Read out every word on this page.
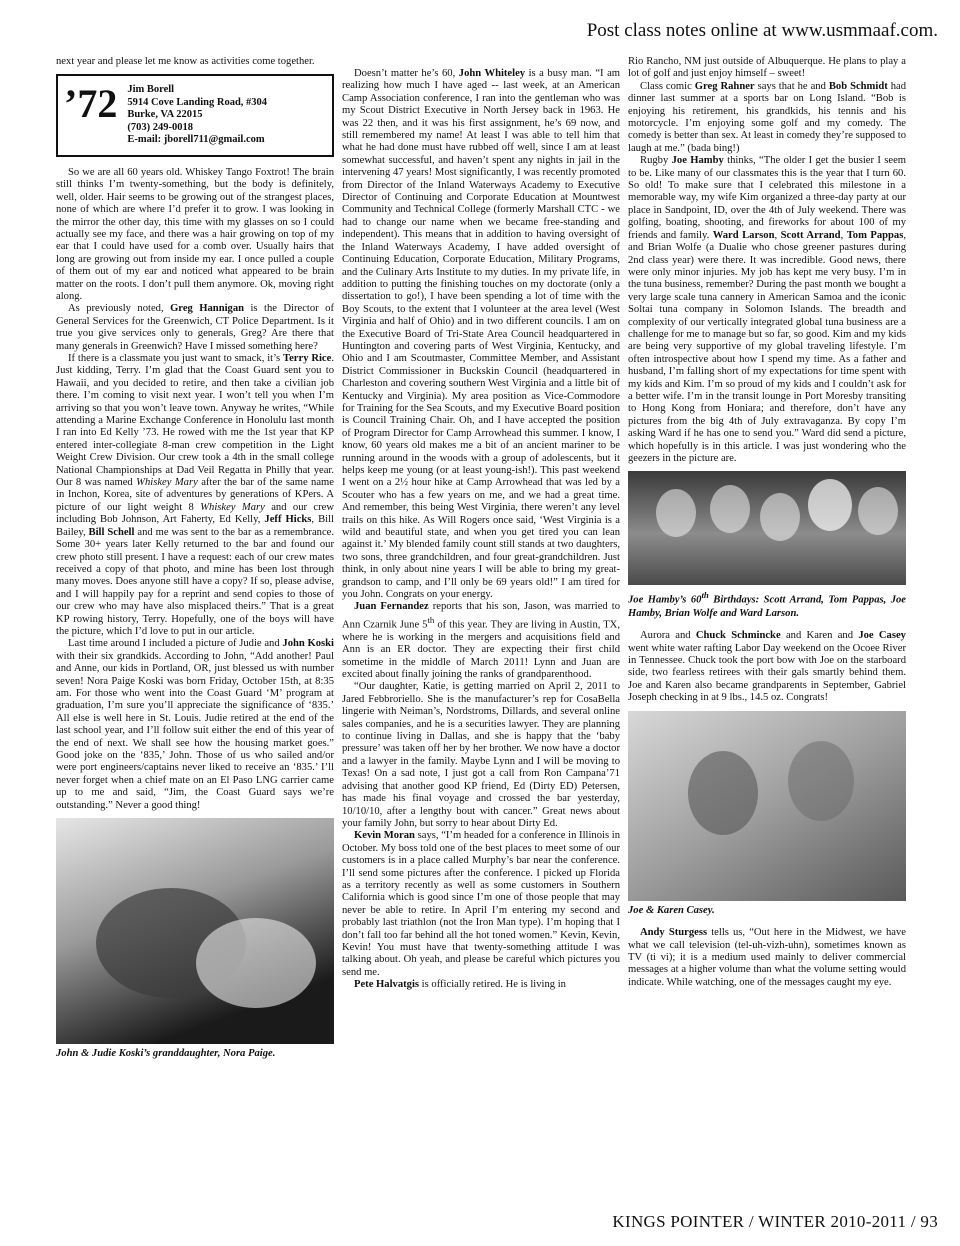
Post class notes online at www.usmmaaf.com.

next year and please let me know as activities come together.

’72 Jim Borell
5914 Cove Landing Road, #304
Burke, VA 22015
(703) 249-0018
E-mail: jborell711@gmail.com

So we are all 60 years old. Whiskey Tango Foxtrot! The brain still thinks I’m twenty-something, but the body is definitely, well, older. Hair seems to be growing out of the strangest places, none of which are where I’d prefer it to grow. I was looking in the mirror the other day, this time with my glasses on so I could actually see my face, and there was a hair growing on top of my ear that I could have used for a comb over. Usually hairs that long are growing out from inside my ear. I once pulled a couple of them out of my ear and noticed what appeared to be brain matter on the roots. I don’t pull them anymore. Ok, moving right along.

As previously noted, Greg Hannigan is the Director of General Services for the Greenwich, CT Police Department. Is it true you give services only to generals, Greg? Are there that many generals in Greenwich? Have I missed something here?

If there is a classmate you just want to smack, it’s Terry Rice. Just kidding, Terry. I’m glad that the Coast Guard sent you to Hawaii, and you decided to retire, and then take a civilian job there. I’m coming to visit next year. I won’t tell you when I’m arriving so that you won’t leave town. Anyway he writes, “While attending a Marine Exchange Conference in Honolulu last month I ran into Ed Kelly ’73. He rowed with me the 1st year that KP entered inter-collegiate 8-man crew competition in the Light Weight Crew Division. Our crew took a 4th in the small college National Championships at Dad Veil Regatta in Philly that year. Our 8 was named Whiskey Mary after the bar of the same name in Inchon, Korea, site of adventures by generations of KPers. A picture of our light weight 8 Whiskey Mary and our crew including Bob Johnson, Art Faherty, Ed Kelly, Jeff Hicks, Bill Bailey, Bill Schell and me was sent to the bar as a remembrance. Some 30+ years later Kelly returned to the bar and found our crew photo still present. I have a request: each of our crew mates received a copy of that photo, and mine has been lost through many moves. Does anyone still have a copy? If so, please advise, and I will happily pay for a reprint and send copies to those of our crew who may have also misplaced theirs.” That is a great KP rowing history, Terry. Hopefully, one of the boys will have the picture, which I’d love to put in our article.

Last time around I included a picture of Judie and John Koski with their six grandkids. According to John, “Add another! Paul and Anne, our kids in Portland, OR, just blessed us with number seven! Nora Paige Koski was born Friday, October 15th, at 8:35 am. For those who went into the Coast Guard ‘M’ program at graduation, I’m sure you’ll appreciate the significance of ‘835.’ All else is well here in St. Louis. Judie retired at the end of the last school year, and I’ll follow suit either the end of this year of the end of next. We shall see how the housing market goes.” Good joke on the ‘835,’ John. Those of us who sailed and/or were port engineers/captains never liked to receive an ‘835.’ I’ll never forget when a chief mate on an El Paso LNG carrier came up to me and said, “Jim, the Coast Guard says we’re outstanding.” Never a good thing!

John & Judie Koski’s granddaughter, Nora Paige.

Doesn’t matter he’s 60, John Whiteley is a busy man. “I am realizing how much I have aged -- last week, at an American Camp Association conference, I ran into the gentleman who was my Scout District Executive in North Jersey back in 1963. He was 22 then, and it was his first assignment, he’s 69 now, and still remembered my name! At least I was able to tell him that what he had done must have rubbed off well, since I am at least somewhat successful, and haven’t spent any nights in jail in the intervening 47 years! Most significantly, I was recently promoted from Director of the Inland Waterways Academy to Executive Director of Continuing and Corporate Education at Mountwest Community and Technical College (formerly Marshall CTC - we had to change our name when we became free-standing and independent). This means that in addition to having oversight of the Inland Waterways Academy, I have added oversight of Continuing Education, Corporate Education, Military Programs, and the Culinary Arts Institute to my duties. In my private life, in addition to putting the finishing touches on my doctorate (only a dissertation to go!), I have been spending a lot of time with the Boy Scouts, to the extent that I volunteer at the area level (West Virginia and half of Ohio) and in two different councils. I am on the Executive Board of Tri-State Area Council headquartered in Huntington and covering parts of West Virginia, Kentucky, and Ohio and I am Scoutmaster, Committee Member, and Assistant District Commissioner in Buckskin Council (headquartered in Charleston and covering southern West Virginia and a little bit of Kentucky and Virginia). My area position as Vice-Commodore for Training for the Sea Scouts, and my Executive Board position is Council Training Chair. Oh, and I have accepted the position of Program Director for Camp Arrowhead this summer. I know, I know, 60 years old makes me a bit of an ancient mariner to be running around in the woods with a group of adolescents, but it helps keep me young (or at least young-ish!). This past weekend I went on a 2½ hour hike at Camp Arrowhead that was led by a Scouter who has a few years on me, and we had a great time. And remember, this being West Virginia, there weren’t any level trails on this hike. As Will Rogers once said, ‘West Virginia is a wild and beautiful state, and when you get tired you can lean against it.’ My blended family count still stands at two daughters, two sons, three grandchildren, and four great-grandchildren. Just think, in only about nine years I will be able to bring my great-grandson to camp, and I’ll only be 69 years old!” I am tired for you John. Congrats on your energy.

Juan Fernandez reports that his son, Jason, was married to Ann Czarnik June 5th of this year. They are living in Austin, TX, where he is working in the mergers and acquisitions field and Ann is an ER doctor. They are expecting their first child sometime in the middle of March 2011! Lynn and Juan are excited about finally joining the ranks of grandparenthood.

“Our daughter, Katie, is getting married on April 2, 2011 to Jared Febbroriello. She is the manufacturer’s rep for CosaBella lingerie with Neiman’s, Nordstroms, Dillards, and several online sales companies, and he is a securities lawyer. They are planning to continue living in Dallas, and she is happy that the ‘baby pressure’ was taken off her by her brother. We now have a doctor and a lawyer in the family. Maybe Lynn and I will be moving to Texas! On a sad note, I just got a call from Ron Campana’71 advising that another good KP friend, Ed (Dirty ED) Petersen, has made his final voyage and crossed the bar yesterday, 10/10/10, after a lengthy bout with cancer.” Great news about your family John, but sorry to hear about Dirty Ed.

Kevin Moran says, “I’m headed for a conference in Illinois in October. My boss told one of the best places to meet some of our customers is in a place called Murphy’s bar near the conference. I’ll send some pictures after the conference. I picked up Florida as a territory recently as well as some customers in Southern California which is good since I’m one of those people that may never be able to retire. In April I’m entering my second and probably last triathlon (not the Iron Man type). I’m hoping that I don’t fall too far behind all the hot toned women.” Kevin, Kevin, Kevin! You must have that twenty-something attitude I was talking about. Oh yeah, and please be careful which pictures you send me.

Pete Halvatgis is officially retired. He is living in

Rio Rancho, NM just outside of Albuquerque. He plans to play a lot of golf and just enjoy himself – sweet!

Class comic Greg Rahner says that he and Bob Schmidt had dinner last summer at a sports bar on Long Island. “Bob is enjoying his retirement, his grandkids, his tennis and his motorcycle. I’m enjoying some golf and my comedy. The comedy is better than sex. At least in comedy they’re supposed to laugh at me.” (bada bing!)

Rugby Joe Hamby thinks, “The older I get the busier I seem to be. Like many of our classmates this is the year that I turn 60. So old! To make sure that I celebrated this milestone in a memorable way, my wife Kim organized a three-day party at our place in Sandpoint, ID, over the 4th of July weekend. There was golfing, boating, shooting, and fireworks for about 100 of my friends and family. Ward Larson, Scott Arrand, Tom Pappas, and Brian Wolfe (a Dualie who chose greener pastures during 2nd class year) were there. It was incredible. Good news, there were only minor injuries. My job has kept me very busy. I’m in the tuna business, remember? During the past month we bought a very large scale tuna cannery in American Samoa and the iconic Soltai tuna company in Solomon Islands. The breadth and complexity of our vertically integrated global tuna business are a challenge for me to manage but so far, so good. Kim and my kids are being very supportive of my global traveling lifestyle. I’m often introspective about how I spend my time. As a father and husband, I’m falling short of my expectations for time spent with my kids and Kim. I’m so proud of my kids and I couldn’t ask for a better wife. I’m in the transit lounge in Port Moresby transiting to Hong Kong from Honiara; and therefore, don’t have any pictures from the big 4th of July extravaganza. By copy I’m asking Ward if he has one to send you.” Ward did send a picture, which hopefully is in this article. I was just wondering who the geezers in the picture are.

Joe Hamby’s 60th Birthdays: Scott Arrand, Tom Pappas, Joe Hamby, Brian Wolfe and Ward Larson.

Aurora and Chuck Schmincke and Karen and Joe Casey went white water rafting Labor Day weekend on the Ocoee River in Tennessee. Chuck took the port bow with Joe on the starboard side, two fearless retirees with their gals smartly behind them. Joe and Karen also became grandparents in September, Gabriel Joseph checking in at 9 lbs., 14.5 oz. Congrats!

Joe & Karen Casey.

Andy Sturgess tells us, “Out here in the Midwest, we have what we call television (tel-uh-vizh-uhn), sometimes known as TV (ti vi); it is a medium used mainly to deliver commercial messages at a higher volume than what the volume setting would indicate. While watching, one of the messages caught my eye.

KINGS POINTER / WINTER 2010-2011 / 93
